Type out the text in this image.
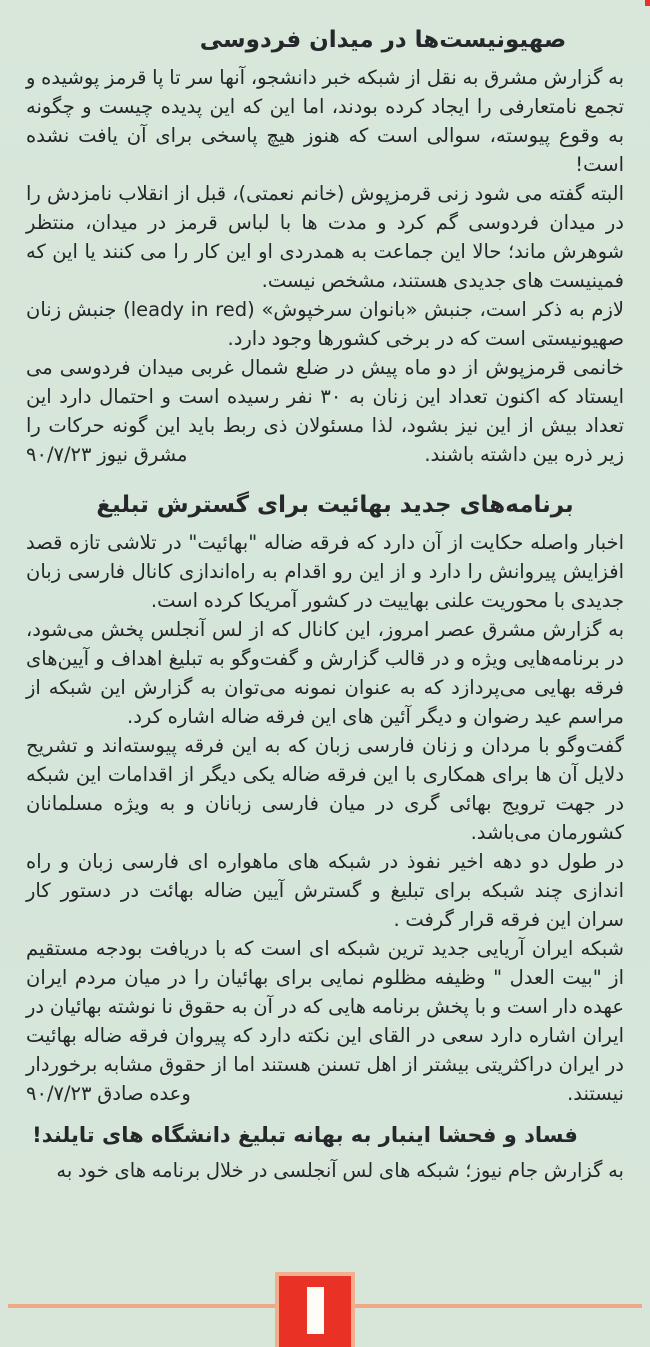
صهیونیست‌ها در میدان فردوسی

به گزارش مشرق به نقل از شبکه خبر دانشجو، آنها سر تا پا قرمز پوشیده و تجمع نامتعارفی را ایجاد کرده بودند، اما این که این پدیده چیست و چگونه به وقوع پیوسته، سوالی است که هنوز هیچ پاسخی برای آن یافت نشده است!

البته گفته می شود زنی قرمزپوش (خانم نعمتی)، قبل از انقلاب نامزدش را در میدان فردوسی گم کرد و مدت ها با لباس قرمز در میدان، منتظر شوهرش ماند؛ حالا این جماعت به همدردی او این کار را می کنند یا این که فمینیست های جدیدی هستند، مشخص نیست.

لازم به ذکر است، جنبش «بانوان سرخپوش» (leady in red) جنبش زنان صهیونیستی است که در برخی کشورها وجود دارد.

خانمی قرمزپوش از دو ماه پیش در ضلع شمال غربی میدان فردوسی می ایستاد که اکنون تعداد این زنان به ۳۰ نفر رسیده است و احتمال دارد این تعداد بیش از این نیز بشود، لذا مسئولان ذی ربط باید این گونه حرکات را زیر ذره بین داشته باشند.
مشرق نیوز ۹۰/۷/۲۳

برنامه‌های جدید بهائیت برای گسترش تبلیغ

اخبار واصله حکایت از آن دارد که فرقه ضاله "بهائیت" در تلاشی تازه قصد افزایش پیروانش را دارد و از این رو اقدام به راه‌اندازی کانال فارسی زبان جدیدی با محوریت علنی بهاییت در کشور آمریکا کرده است.

به گزارش مشرق عصر امروز، این کانال که از لس آنجلس پخش می‌شود، در برنامه‌هایی ویژه و در قالب گزارش و گفت‌وگو به تبلیغ اهداف و آیین‌های فرقه بهایی می‌پردازد که به عنوان نمونه می‌توان به گزارش این شبکه از مراسم عید رضوان و دیگر آئین های این فرقه ضاله اشاره کرد.

گفت‌وگو با مردان و زنان فارسی زبان که به این فرقه پیوسته‌اند و تشریح دلایل آن ها برای همکاری با این فرقه ضاله یکی دیگر از اقدامات این شبکه در جهت ترویج بهائی گری در میان فارسی زبانان و به ویژه مسلمانان کشورمان می‌باشد.

در طول دو دهه اخیر نفوذ در شبکه های ماهواره ای فارسی زبان و راه اندازی چند شبکه برای تبلیغ و گسترش آیین ضاله بهائت در دستور کار سران این فرقه قرار گرفت .

شبکه ایران آریایی جدید ترین شبکه ای است که با دریافت بودجه مستقیم از "بیت العدل " وظیفه مظلوم نمایی برای بهائیان را در میان مردم ایران عهده دار است و با پخش برنامه هایی که در آن به حقوق نا نوشته بهائیان در ایران اشاره دارد سعی در القای این نکته دارد که پیروان فرقه ضاله بهائیت در ایران دراکثریتی بیشتر از اهل تسنن هستند اما از حقوق مشابه برخوردار نیستند.
وعده صادق ۹۰/۷/۲۳

فساد و فحشا اینبار به بهانه تبلیغ دانشگاه های تایلند!

به گزارش جام نیوز؛ شبکه های لس آنجلسی در خلال برنامه های خود به
